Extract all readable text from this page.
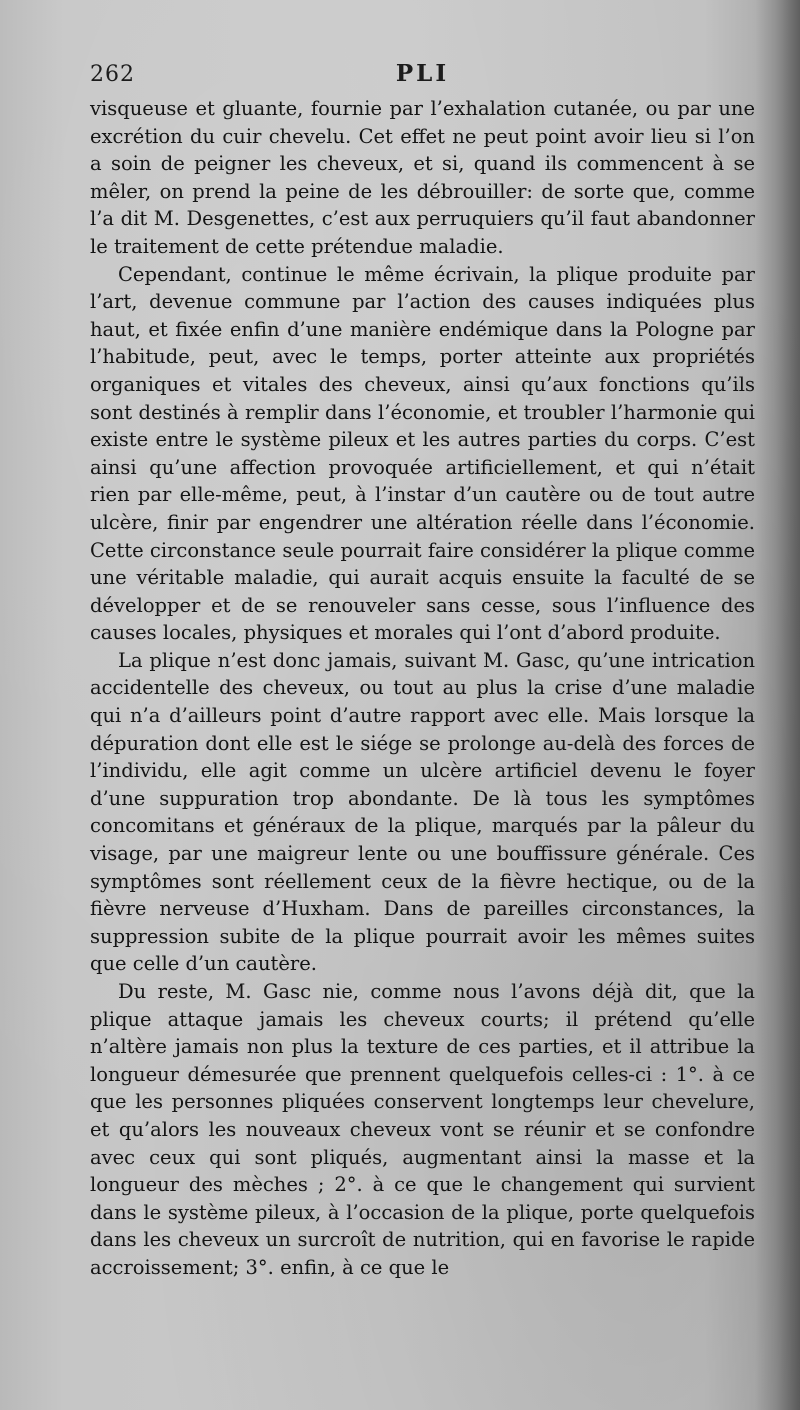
262	PLI

visqueuse et gluante, fournie par l’exhalation cutanée, ou par une excrétion du cuir chevelu. Cet effet ne peut point avoir lieu si l’on a soin de peigner les cheveux, et si, quand ils commencent à se mêler, on prend la peine de les débrouiller: de sorte que, comme l’a dit M. Desgenettes, c’est aux perruquiers qu’il faut abandonner le traitement de cette prétendue maladie.

Cependant, continue le même écrivain, la plique produite par l’art, devenue commune par l’action des causes indiquées plus haut, et fixée enfin d’une manière endémique dans la Pologne par l’habitude, peut, avec le temps, porter atteinte aux propriétés organiques et vitales des cheveux, ainsi qu’aux fonctions qu’ils sont destinés à remplir dans l’économie, et troubler l’harmonie qui existe entre le système pileux et les autres parties du corps. C’est ainsi qu’une affection provoquée artificiellement, et qui n’était rien par elle-même, peut, à l’instar d’un cautère ou de tout autre ulcère, finir par engendrer une altération réelle dans l’économie. Cette circonstance seule pourrait faire considérer la plique comme une véritable maladie, qui aurait acquis ensuite la faculté de se développer et de se renouveler sans cesse, sous l’influence des causes locales, physiques et morales qui l’ont d’abord produite.

La plique n’est donc jamais, suivant M. Gasc, qu’une intrication accidentelle des cheveux, ou tout au plus la crise d’une maladie qui n’a d’ailleurs point d’autre rapport avec elle. Mais lorsque la dépuration dont elle est le siége se prolonge au-delà des forces de l’individu, elle agit comme un ulcère artificiel devenu le foyer d’une suppuration trop abondante. De là tous les symptômes concomitans et généraux de la plique, marqués par la pâleur du visage, par une maigreur lente ou une bouffissure générale. Ces symptômes sont réellement ceux de la fièvre hectique, ou de la fièvre nerveuse d’Huxham. Dans de pareilles circonstances, la suppression subite de la plique pourrait avoir les mêmes suites que celle d’un cautère.

Du reste, M. Gasc nie, comme nous l’avons déjà dit, que la plique attaque jamais les cheveux courts; il prétend qu’elle n’altère jamais non plus la texture de ces parties, et il attribue la longueur démesurée que prennent quelquefois celles-ci : 1°. à ce que les personnes pliquées conservent longtemps leur chevelure, et qu’alors les nouveaux cheveux vont se réunir et se confondre avec ceux qui sont pliqués, augmentant ainsi la masse et la longueur des mèches ; 2°. à ce que le changement qui survient dans le système pileux, à l’occasion de la plique, porte quelquefois dans les cheveux un surcroît de nutrition, qui en favorise le rapide accroissement; 3°. enfin, à ce que le
